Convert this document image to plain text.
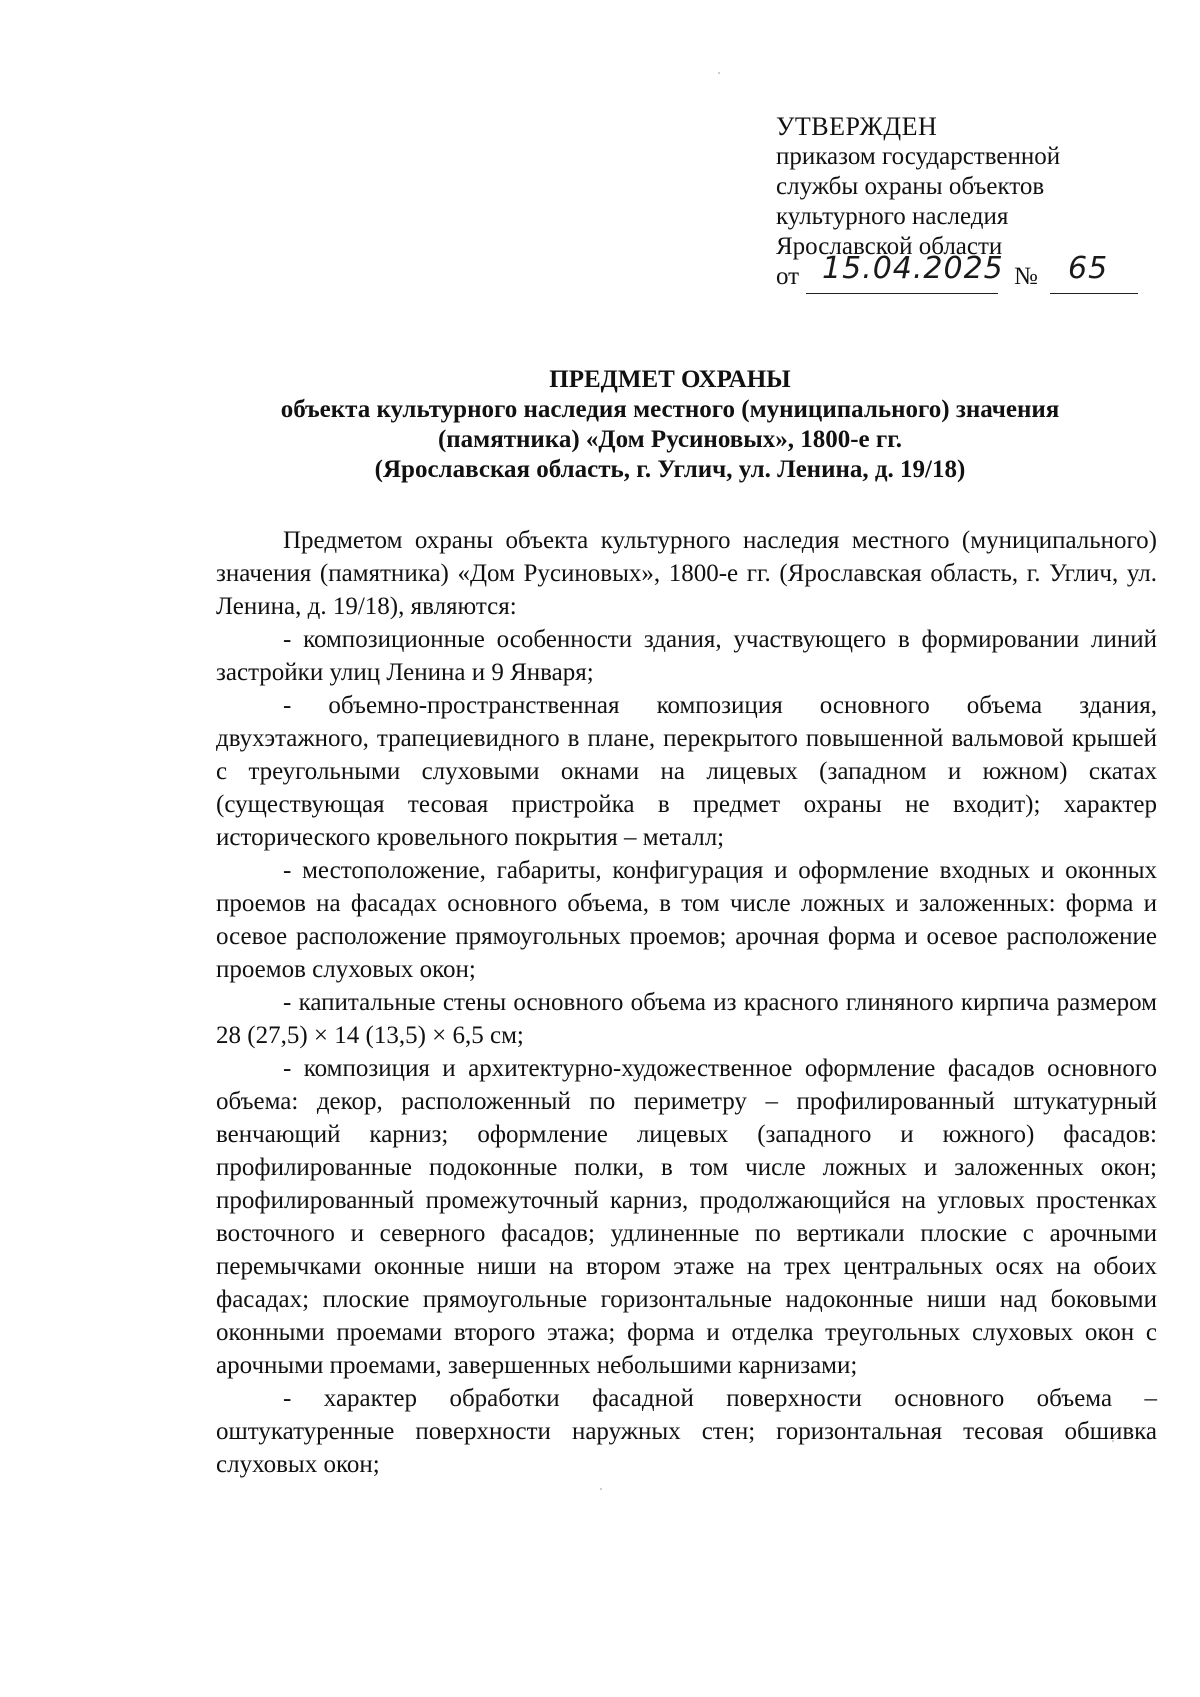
УТВЕРЖДЕН
приказом государственной
службы охраны объектов
культурного наследия
Ярославской области
от 15.04.2025 № 65
ПРЕДМЕТ ОХРАНЫ
объекта культурного наследия местного (муниципального) значения
(памятника) «Дом Русиновых», 1800-е гг.
(Ярославская область, г. Углич, ул. Ленина, д. 19/18)

Предметом охраны объекта культурного наследия местного (муниципального) значения (памятника) «Дом Русиновых», 1800-е гг. (Ярославская область, г. Углич, ул. Ленина, д. 19/18), являются:

- композиционные особенности здания, участвующего в формировании линий застройки улиц Ленина и 9 Января;

- объемно-пространственная композиция основного объема здания, двухэтажного, трапециевидного в плане, перекрытого повышенной вальмовой крышей с треугольными слуховыми окнами на лицевых (западном и южном) скатах (существующая тесовая пристройка в предмет охраны не входит); характер исторического кровельного покрытия – металл;

- местоположение, габариты, конфигурация и оформление входных и оконных проемов на фасадах основного объема, в том числе ложных и заложенных: форма и осевое расположение прямоугольных проемов; арочная форма и осевое расположение проемов слуховых окон;

- капитальные стены основного объема из красного глиняного кирпича размером 28 (27,5) × 14 (13,5) × 6,5 см;

- композиция и архитектурно-художественное оформление фасадов основного объема: декор, расположенный по периметру – профилированный штукатурный венчающий карниз; оформление лицевых (западного и южного) фасадов: профилированные подоконные полки, в том числе ложных и заложенных окон; профилированный промежуточный карниз, продолжающийся на угловых простенках восточного и северного фасадов; удлиненные по вертикали плоские с арочными перемычками оконные ниши на втором этаже на трех центральных осях на обоих фасадах; плоские прямоугольные горизонтальные надоконные ниши над боковыми оконными проемами второго этажа; форма и отделка треугольных слуховых окон с арочными проемами, завершенных небольшими карнизами;

- характер обработки фасадной поверхности основного объема – оштукатуренные поверхности наружных стен; горизонтальная тесовая обшивка слуховых окон;
